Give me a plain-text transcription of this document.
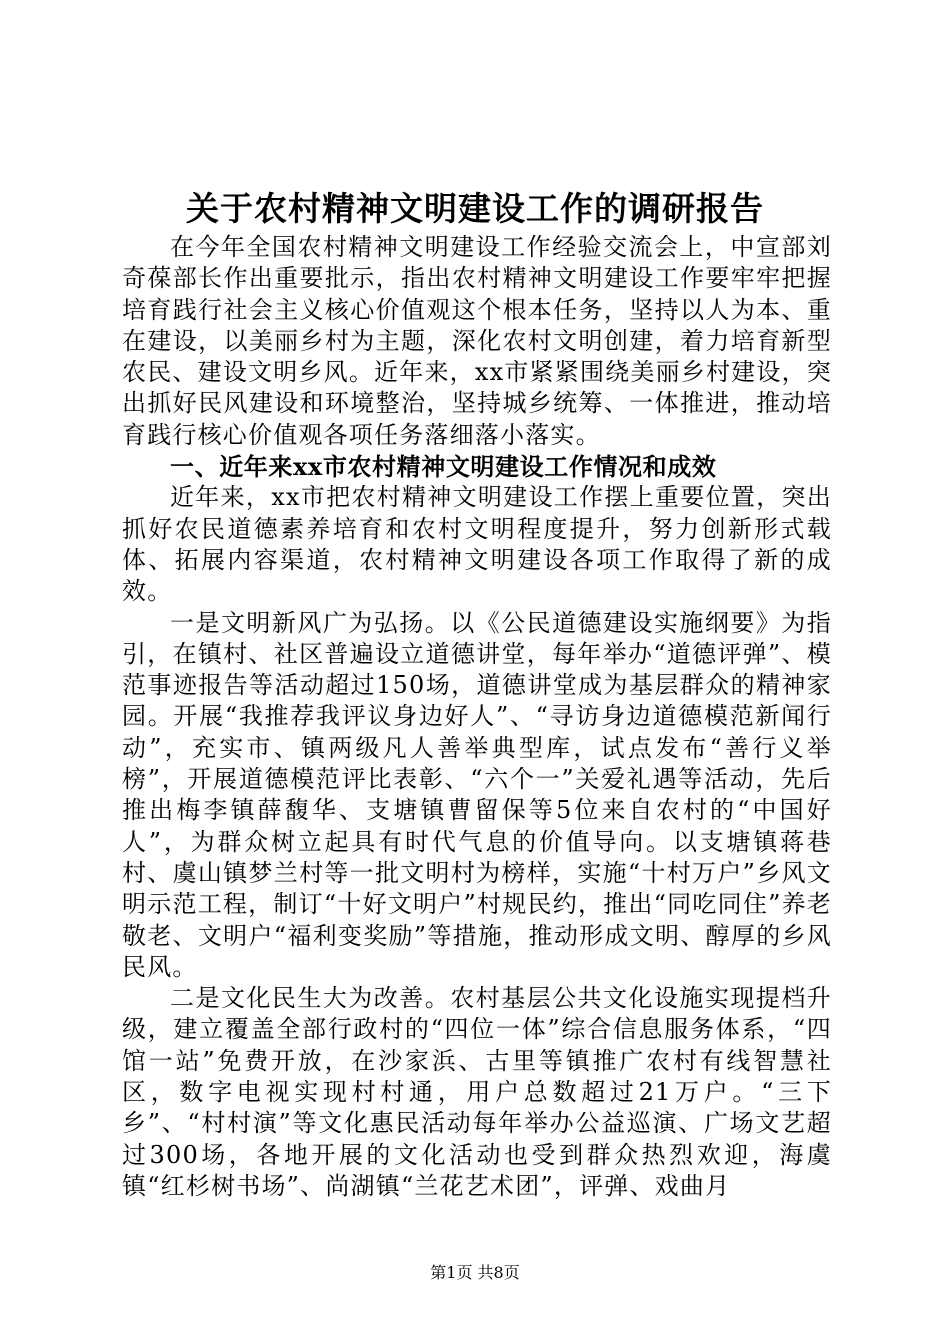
关于农村精神文明建设工作的调研报告

在今年全国农村精神文明建设工作经验交流会上，中宣部刘奇葆部长作出重要批示，指出农村精神文明建设工作要牢牢把握培育践行社会主义核心价值观这个根本任务，坚持以人为本、重在建设，以美丽乡村为主题，深化农村文明创建，着力培育新型农民、建设文明乡风。近年来，xx市紧紧围绕美丽乡村建设，突出抓好民风建设和环境整治，坚持城乡统筹、一体推进，推动培育践行核心价值观各项任务落细落小落实。

一、近年来xx市农村精神文明建设工作情况和成效

近年来，xx市把农村精神文明建设工作摆上重要位置，突出抓好农民道德素养培育和农村文明程度提升，努力创新形式载体、拓展内容渠道，农村精神文明建设各项工作取得了新的成效。

一是文明新风广为弘扬。以《公民道德建设实施纲要》为指引，在镇村、社区普遍设立道德讲堂，每年举办“道德评弹”、模范事迹报告等活动超过150场，道德讲堂成为基层群众的精神家园。开展“我推荐我评议身边好人”、“寻访身边道德模范新闻行动”，充实市、镇两级凡人善举典型库，试点发布“善行义举榜”，开展道德模范评比表彰、“六个一”关爱礼遇等活动，先后推出梅李镇薛馥华、支塘镇曹留保等5位来自农村的“中国好人”，为群众树立起具有时代气息的价值导向。以支塘镇蒋巷村、虞山镇梦兰村等一批文明村为榜样，实施“十村万户”乡风文明示范工程，制订“十好文明户”村规民约，推出“同吃同住”养老敬老、文明户“福利变奖励”等措施，推动形成文明、醇厚的乡风民风。

二是文化民生大为改善。农村基层公共文化设施实现提档升级，建立覆盖全部行政村的“四位一体”综合信息服务体系，“四馆一站”免费开放，在沙家浜、古里等镇推广农村有线智慧社区，数字电视实现村村通，用户总数超过21万户。“三下乡”、“村村演”等文化惠民活动每年举办公益巡演、广场文艺超过300场，各地开展的文化活动也受到群众热烈欢迎，海虞镇“红杉树书场”、尚湖镇“兰花艺术团”，评弹、戏曲月

第1页 共8页
